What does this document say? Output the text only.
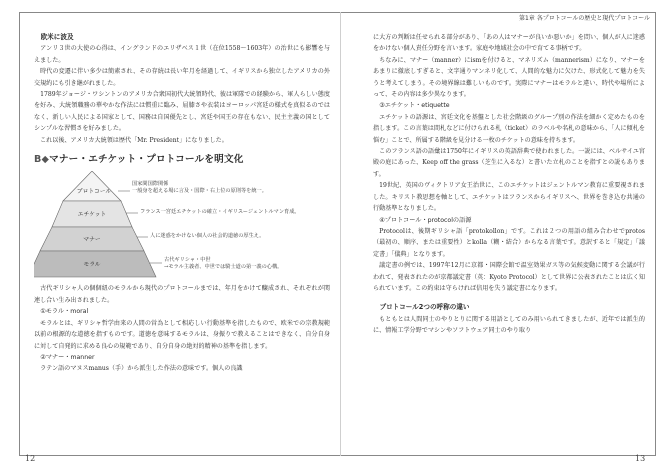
第1章 各プロトコールの歴史と現代プロトコール

欧米に波及

アンリ３世の大使の心得は、イングランドのエリザベス１世（在位1558～1603年）の治世にも影響を与えました。

時代の変遷に伴い多少は簡素され、その存続は長い年月を経過して、イギリスから独立したアメリカの外交規約にも引き継がれました。

1789年ジョージ・ワシントンのアメリカ合衆国初代大統領時代、彼は軍隊での経験から、軍人らしい態度を好み、大統領職務の華やかな作法には慣重に臨み、屈膝さや衣装はヨーロッパ宮廷の様式を真似るのではなく、新しい人民による国家として、国務は自国優先とし、宮廷や国王の存在もない、民主主義の国としてシンプルな習慣さを好みました。

これ以後、アメリカ大統領は歴代「Mr. President」になりました。

B◆マナー・エチケット・プロトコールを明文化
プロトコール
エチケット
マナー
モラル
国家間国際関係
一般身を超える場に言及・国際・右上位の原則等を統一。
フランス一宮廷エチケットの確立・イギリスージェントルマン育成。
人に迷惑をかけない個人の社会的道徳の厚生え。
古代ギリシャ・中世
→モラル主義者、中世では騎士道の第一義の心構。

古代ギリシャ人の個個紐のモラルから現代のプロトコールまでは、年月をかけて醸成され、それぞれが関連し合い生み出されました。

①モラル・moral

モラルとは、ギリシャ哲学由来の人間の営為として相応しい行動基準を指したもので、欧米での宗教規範以前の根源的な道徳を指すものです。道徳を意味するモラルは、身振りで教えることはできなく、自分自身に対して自発的に求める良心の規範であり、自分自身の絶対的精神の基準を指します。

②マナー・manner

ラテン語のマヌスmanus（手）から派生した作法の意味です。個人の良識

に大方の判断は任せられる部分があり、「あの人はマナーが良いか悪いか」を問い、個人が人に迷惑をかけない個人責任分野を言います。家庭や地域社会の中で育てる事柄です。

ちなみに、マナー（manner）にismを付けると、マネリズム（mannerism）になり、マナーをあまりに徹底しすぎると、文字通りマンネリ化して、人間的な魅力に欠けた、形式化して魅力を失うと考えてしまう。その境界線は難しいものです。実際にマナーはモラルと違い、時代や場所によって、その内容は多少異なります。

③エチケット・etiquette

エチケットの語源は、宮廷文化を基盤とした社会階級のグループ別の作法を細かく定めたものを指します。この言葉は間札などに付けられる札（ticket）のラベルや名札の意味から、「人に傾札を悩む」ことで、所属する階級を見分ける一枚のチケットの意味を持ちます。

このフランス語の語彙は1750年にイギリスの英語辞典で使われました。一説には、ベルサイユ宮殿の庭にあった、Keep off the grass（芝生に入るな）と書いた立札のことを指すとの説もあります。

19世紀、英国のヴィクトリア女王治世に、このエチケットはジェントルマン教育に重要視されました。キリスト教思想を軸として、エチケットはフランスからイギリスへ、世界を巻き込む共通の行動基準となりました。

④プロトコール・protocolの語源

Protocolは、後期ギリシャ語「protokollon」です。これは２つの用語の組み合わせでprotos（最初の、順序、または重要性）とkolla（糊・結合）からなる言葉です。意訳すると「規定」「議定書」「儀典」となります。

議定書の例では、1997年12月に京都・国際会館で温室効果ガス等の気候変動に関する会議が行われて、発表されたのが京都議定書（英：Kyoto Protocol）として世界に公表されたことは広く知られています。この約束は守らければ信用を失う議定書になります。

プロトコール2つの呼称の違い

もともとは人間同士のやりとりに関する用語としてのみ用いられてきましたが、近年では派生的に、情報工学分野でマシンやソフトウェア同士のやり取り

12	13
